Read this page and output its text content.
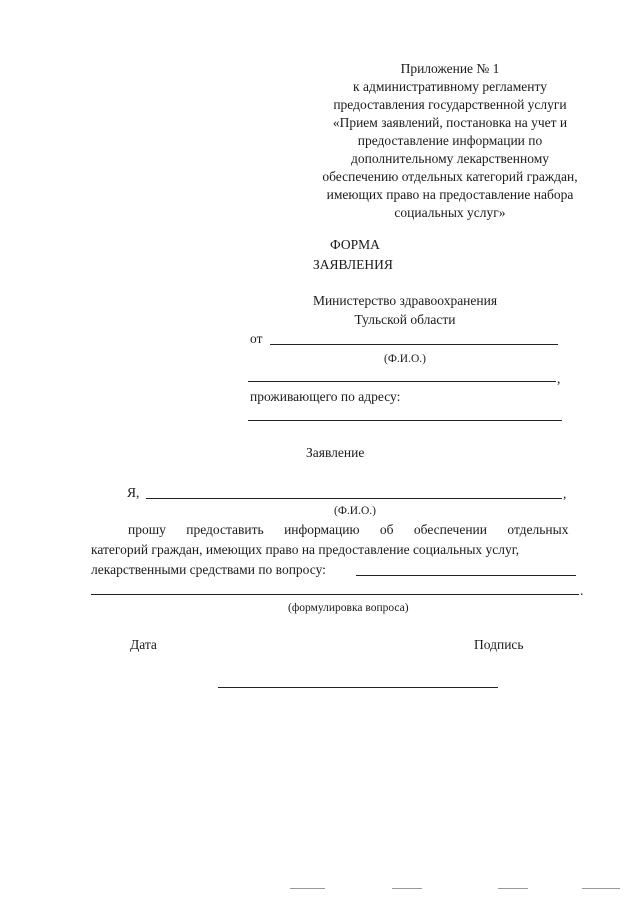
Приложение № 1
к административному регламенту
предоставления государственной услуги
«Прием заявлений, постановка на учет и
предоставление информации по
дополнительному лекарственному
обеспечению отдельных категорий граждан,
имеющих право на предоставление набора
социальных услуг»
ФОРМА
ЗАЯВЛЕНИЯ
Министерство здравоохранения
Тульской области
от
(Ф.И.О.)
,
проживающего по адресу:
Заявление
Я,	,
(Ф.И.О.)
прошу предоставить информацию об обеспечении отдельных
категорий граждан, имеющих право на предоставление социальных услуг,
лекарственными средствами по вопросу:
.
(формулировка вопроса)
Дата	Подпись
